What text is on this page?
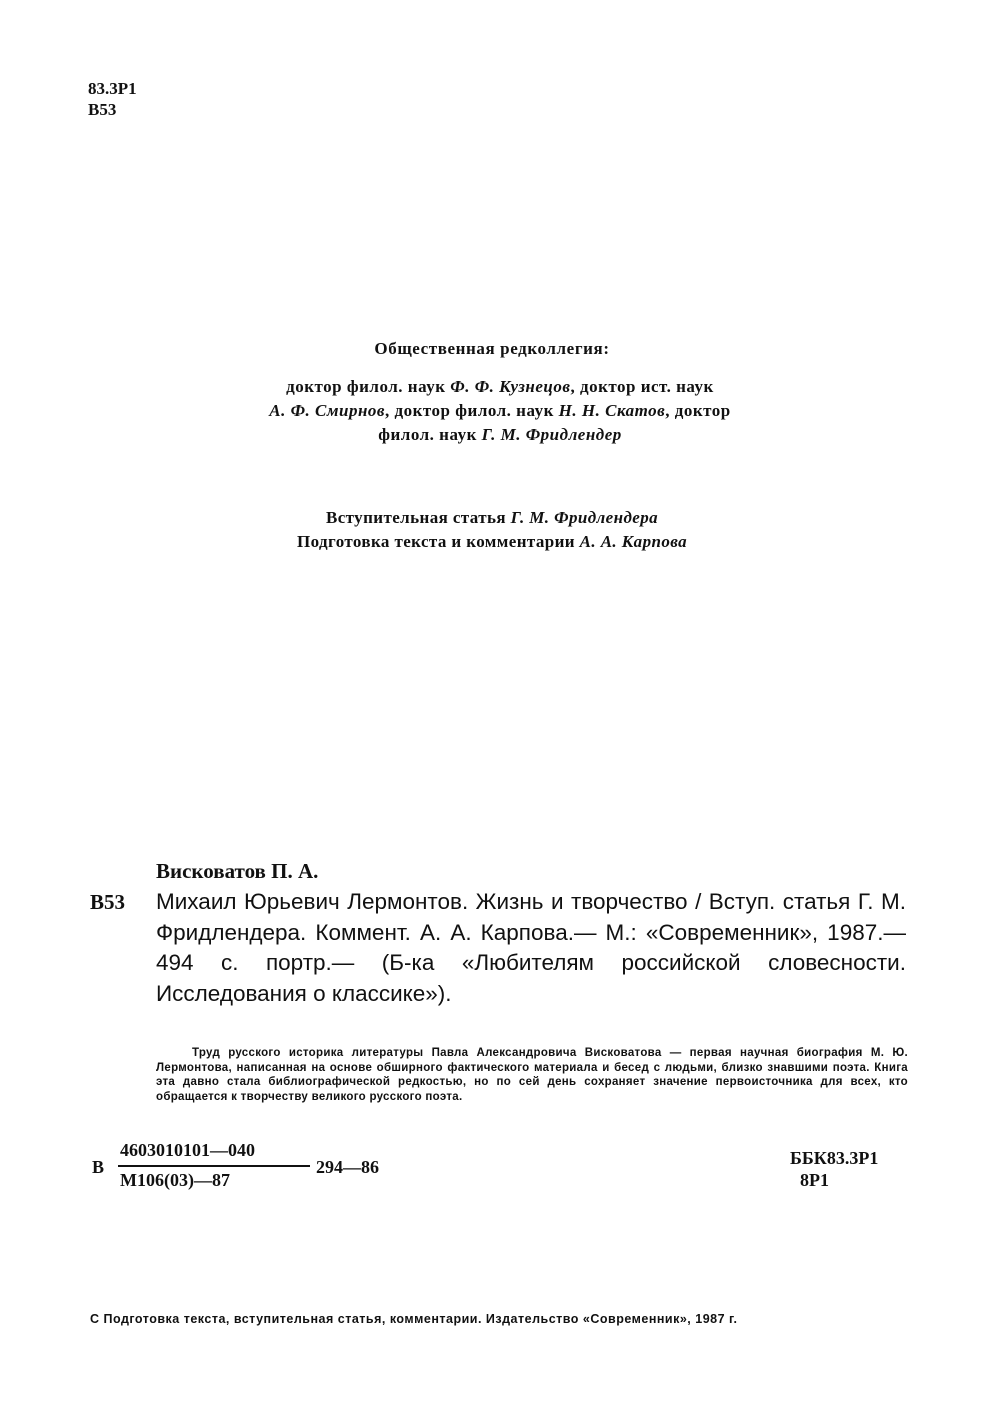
83.3Р1
В53
Общественная редколлегия:
доктор филол. наук Ф. Ф. Кузнецов, доктор ист. наук
А. Ф. Смирнов, доктор филол. наук Н. Н. Скатов, доктор
филол. наук Г. М. Фридлендер
Вступительная статья Г. М. Фридлендера
Подготовка текста и комментарии А. А. Карпова
Висковатов П. А.
В53 Михаил Юрьевич Лермонтов. Жизнь и творчество / Вступ. статья Г. М. Фридлендера. Коммент. А. А. Карпова.— М.: «Современник», 1987.— 494 с. портр.— (Б-ка «Любителям российской словесности. Исследования о классике»).
Труд русского историка литературы Павла Александровича Висковатова — первая научная биография М. Ю. Лермонтова, написанная на основе обширного фактического материала и бесед с людьми, близко знавшими поэта. Книга эта давно стала библиографической редкостью, но по сей день сохраняет значение первоисточника для всех, кто обращается к творчеству великого русского поэта.
В
4603010101—040
М106(03)—87
294—86	ББК83.3Р1
8Р1
С Подготовка текста, вступительная статья, комментарии. Издательство «Современник», 1987 г.
